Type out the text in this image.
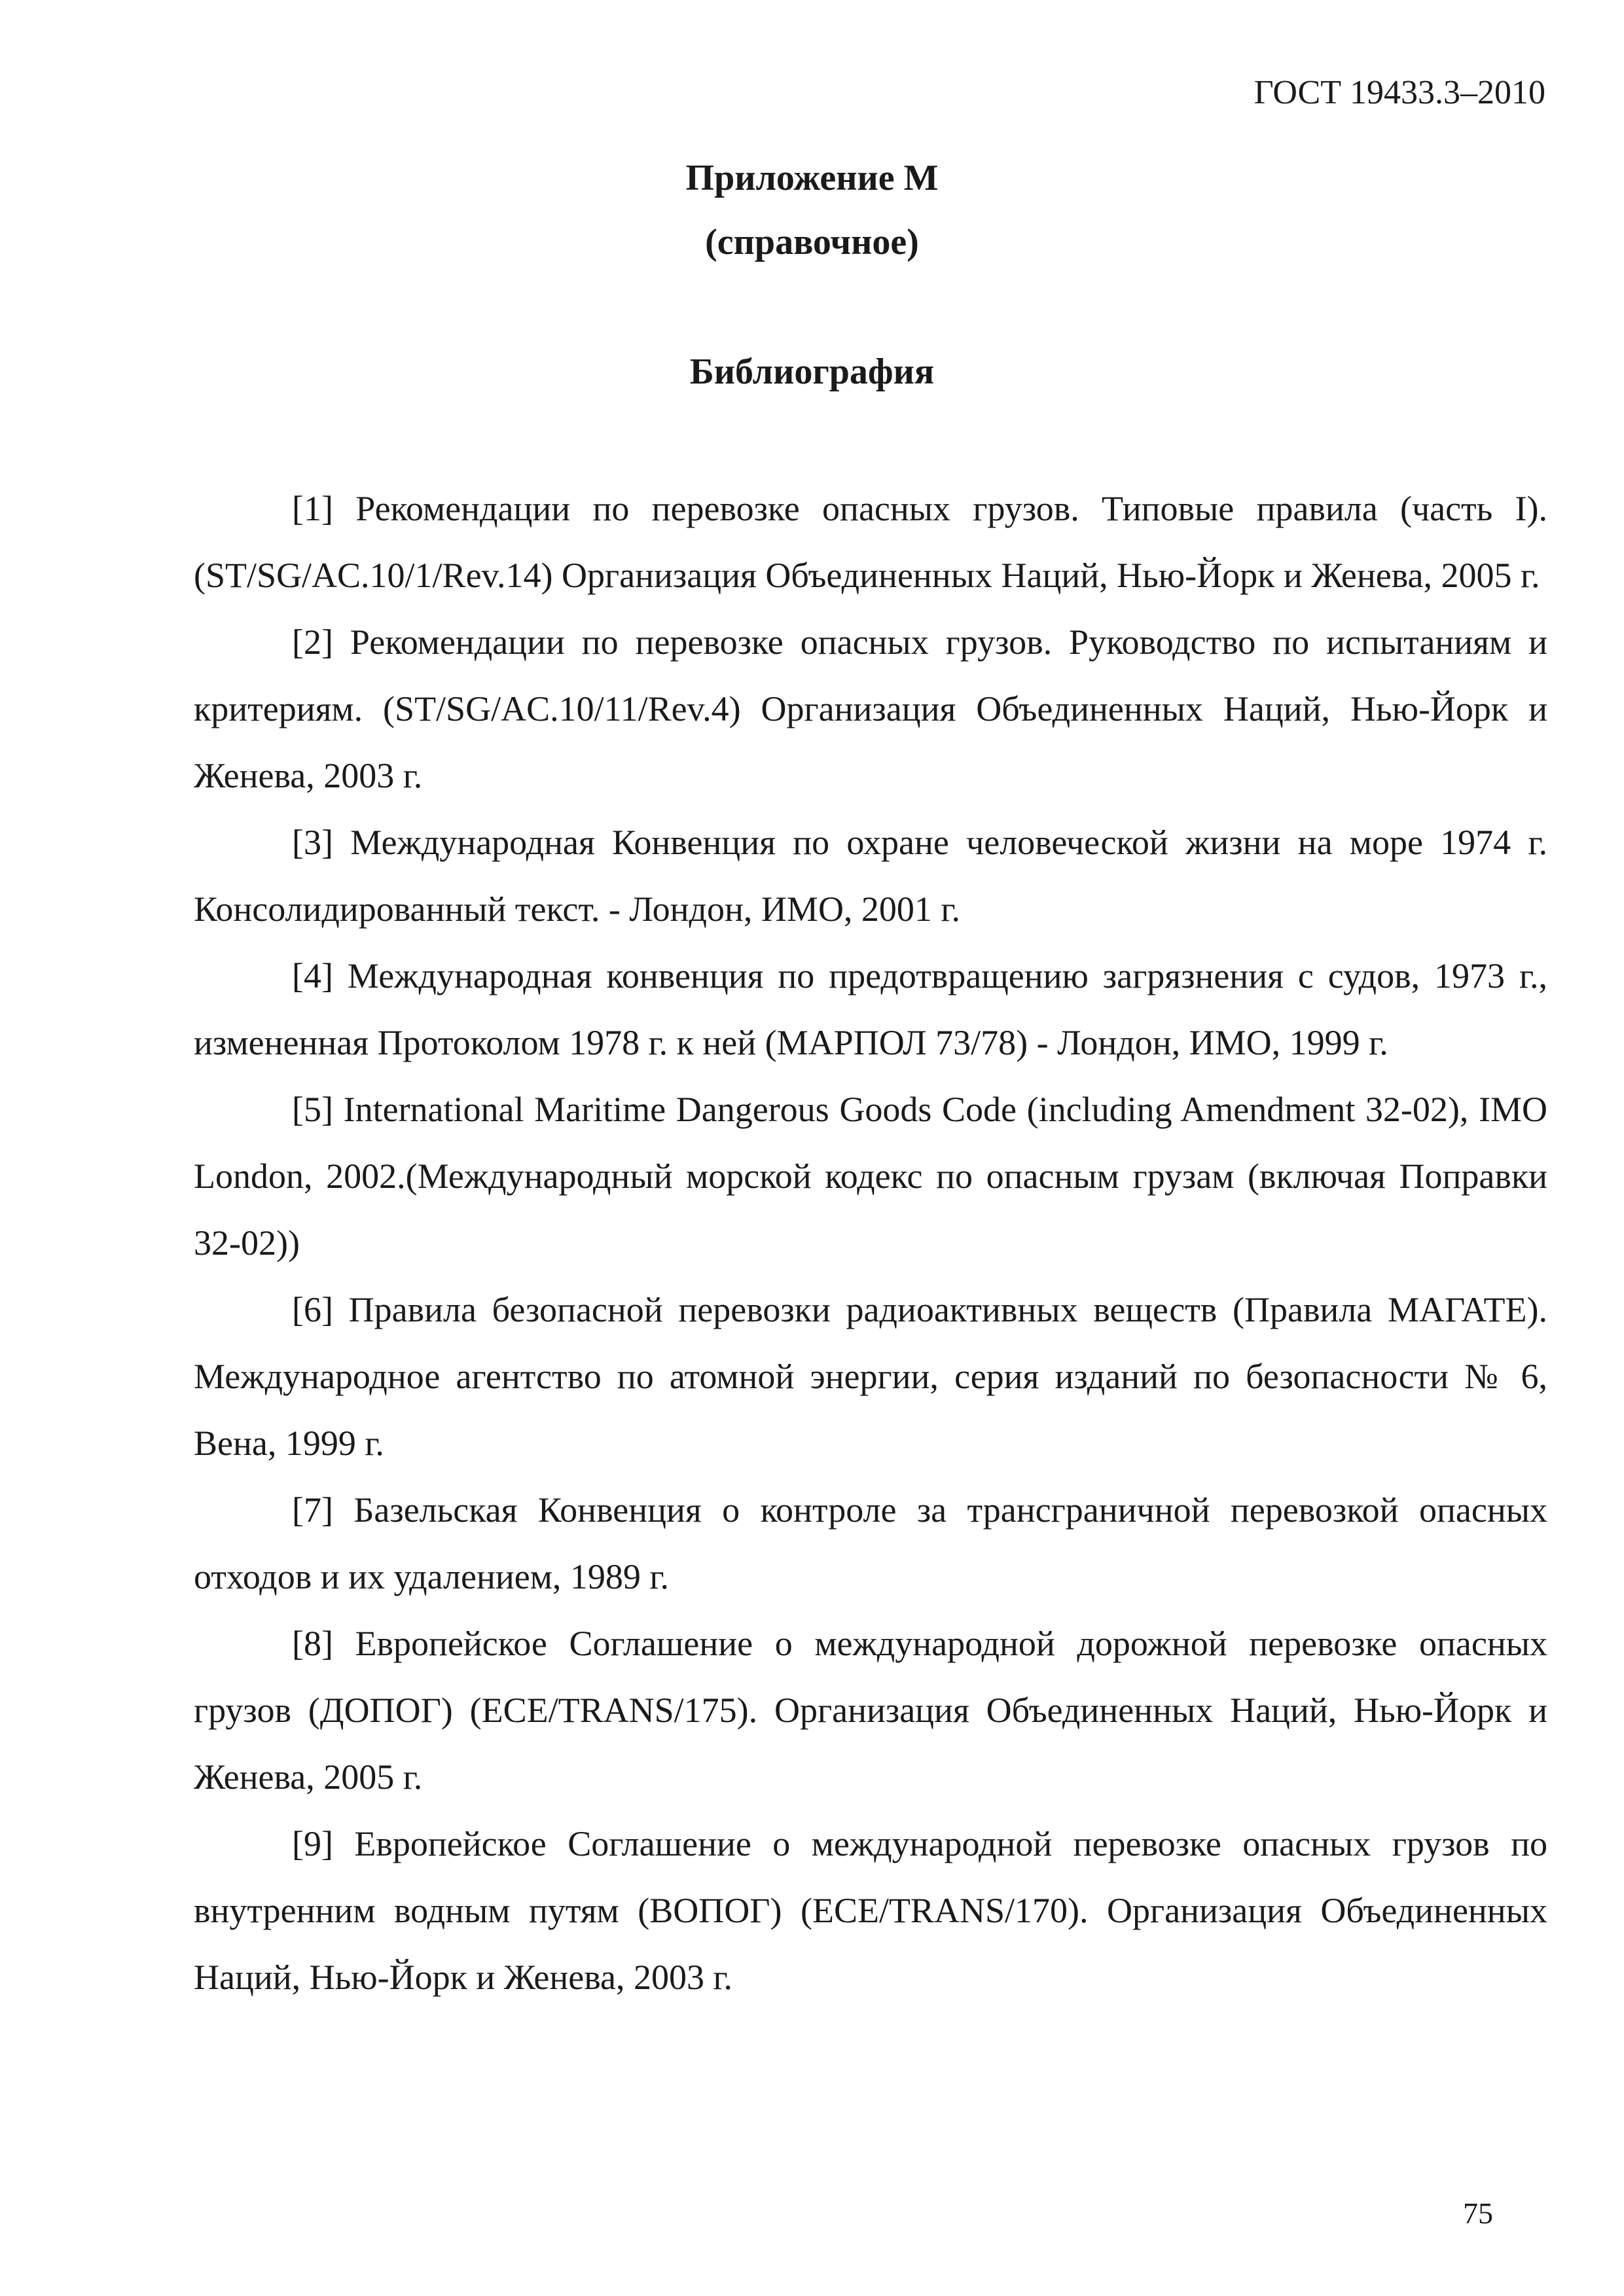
ГОСТ 19433.3–2010
Приложение М
(справочное)
Библиография

[1] Рекомендации по перевозке опасных грузов. Типовые правила (часть I). (ST/SG/AC.10/1/Rev.14) Организация Объединенных Наций, Нью-Йорк и Женева, 2005 г.

[2] Рекомендации по перевозке опасных грузов. Руководство по испытаниям и критериям. (ST/SG/AC.10/11/Rev.4) Организация Объединенных Наций, Нью-Йорк и Женева, 2003 г.

[3] Международная Конвенция по охране человеческой жизни на море 1974 г. Консолидированный текст. - Лондон, ИМО, 2001 г.

[4] Международная конвенция по предотвращению загрязнения с судов, 1973 г., измененная Протоколом 1978 г. к ней (МАРПОЛ 73/78) - Лондон, ИМО, 1999 г.

[5] International Maritime Dangerous Goods Code (including Amendment 32-02), IMO London, 2002.(Международный морской кодекс по опасным грузам (включая Поправки 32-02))

[6] Правила безопасной перевозки радиоактивных веществ (Правила МАГАТЕ). Международное агентство по атомной энергии, серия изданий по безопасности № 6, Вена, 1999 г.

[7] Базельская Конвенция о контроле за трансграничной перевозкой опасных отходов и их удалением, 1989 г.

[8] Европейское Соглашение о международной дорожной перевозке опасных грузов (ДОПОГ) (ECE/TRANS/175). Организация Объединенных Наций, Нью-Йорк и Женева, 2005 г.

[9] Европейское Соглашение о международной перевозке опасных грузов по внутренним водным путям (ВОПОГ) (ECE/TRANS/170). Организация Объединенных Наций, Нью-Йорк и Женева, 2003 г.

75
